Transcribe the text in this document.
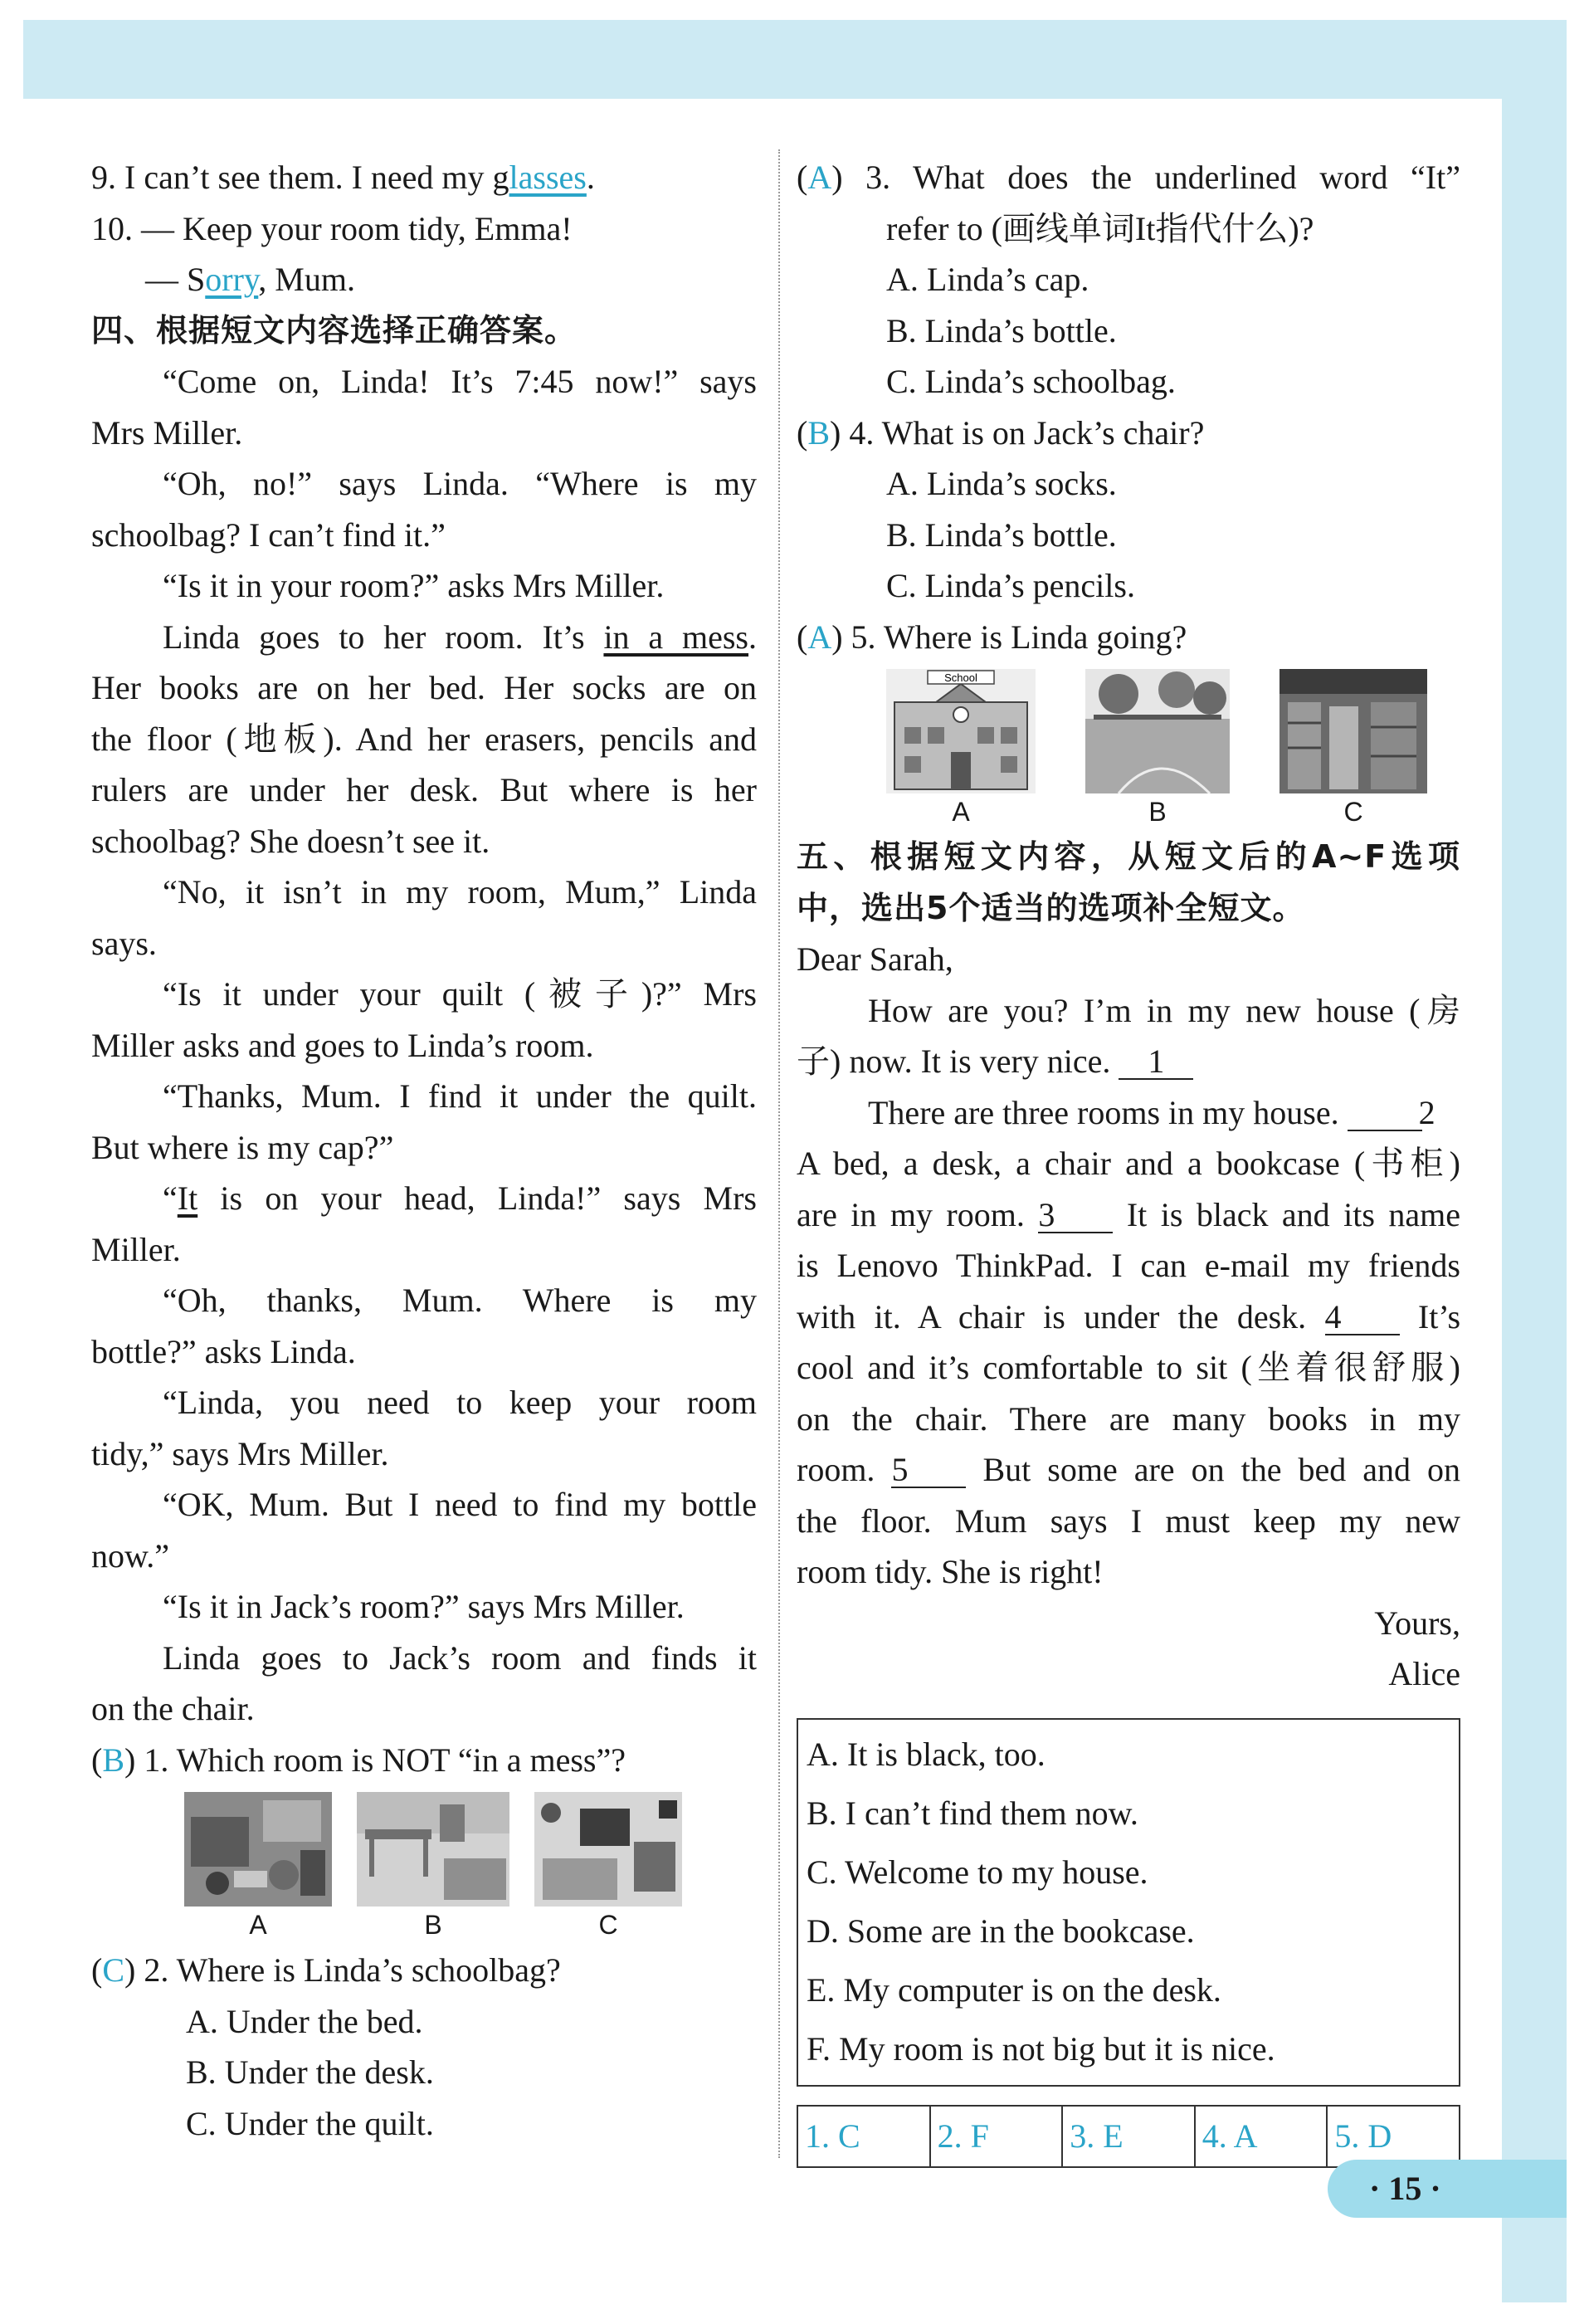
9. I can’t see them. I need my glasses.

10. — Keep your room tidy, Emma!

— Sorry, Mum.

四、根据短文内容选择正确答案。

“Come on, Linda! It’s 7:45 now!” says

Mrs Miller.

“Oh, no!” says Linda. “Where is my

schoolbag? I can’t find it.”

“Is it in your room?” asks Mrs Miller.

Linda goes to her room. It’s in a mess.

Her books are on her bed. Her socks are on

the floor (地板). And her erasers, pencils and

rulers are under her desk. But where is her

schoolbag? She doesn’t see it.

“No, it isn’t in my room, Mum,” Linda

says.

“Is it under your quilt (被子)?” Mrs

Miller asks and goes to Linda’s room.

“Thanks, Mum. I find it under the quilt.

But where is my cap?”

“It is on your head, Linda!” says Mrs

Miller.

“Oh, thanks, Mum. Where is my

bottle?” asks Linda.

“Linda, you need to keep your room

tidy,” says Mrs Miller.

“OK, Mum. But I need to find my bottle

now.”

“Is it in Jack’s room?” says Mrs Miller.

Linda goes to Jack’s room and finds it

on the chair.

(B) 1. Which room is NOT “in a mess”?

A	B	C

(C) 2. Where is Linda’s schoolbag?

A. Under the bed.

B. Under the desk.

C. Under the quilt.

(A) 3. What does the underlined word “It”

refer to (画线单词It指代什么)?

A. Linda’s cap.

B. Linda’s bottle.

C. Linda’s schoolbag.

(B) 4. What is on Jack’s chair?

A. Linda’s socks.

B. Linda’s bottle.

C. Linda’s pencils.

(A) 5. Where is Linda going?

School
A	B	C

五、根据短文内容，从短文后的A~F选项

中，选出5个适当的选项补全短文。

Dear Sarah,

How are you? I’m in my new house (房

子) now. It is very nice. 1

There are three rooms in my house. 2

A bed, a desk, a chair and a bookcase (书柜)

are in my room. 3 It is black and its name

is Lenovo ThinkPad. I can e-mail my friends

with it. A chair is under the desk. 4 It’s

cool and it’s comfortable to sit (坐着很舒服)

on the chair. There are many books in my

room. 5 But some are on the bed and on

the floor. Mum says I must keep my new

room tidy. She is right!

Yours,

Alice

A. It is black, too.
B. I can’t find them now.
C. Welcome to my house.
D. Some are in the bookcase.
E. My computer is on the desk.
F. My room is not big but it is nice.
1. C	2. F	3. E	4. A	5. D
· 15 ·
